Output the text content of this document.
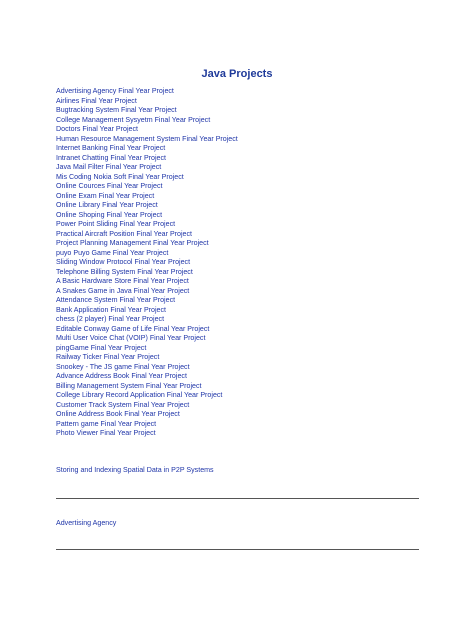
Java Projects
Advertising Agency Final Year Project
Airlines Final Year Project
Bugtracking System Final Year Project
College Management Sysyetm Final Year Project
Doctors Final Year Project
Human Resource Management System Final Year Project
Internet Banking Final Year Project
Intranet Chatting Final Year Project
Java Mail Filter Final Year Project
Mis Coding Nokia Soft Final Year Project
Online Cources Final Year Project
Online Exam Final Year Project
Online Library Final Year Project
Online Shoping Final Year Project
Power Point Sliding Final Year Project
Practical Aircraft Position Final Year Project
Project Planning Management Final Year Project
puyo Puyo Game Final Year Project
Sliding Window Protocol Final Year Project
Telephone Billing System Final Year Project
A Basic Hardware Store Final Year Project
A Snakes Game in Java Final Year Project
Attendance System Final Year Project
Bank Application Final Year Project
chess (2 player) Final Year Project
Editable Conway Game of Life Final Year Project
Multi User Voice Chat (VOIP) Final Year Project
pingGame Final Year Project
Railway Ticker Final Year Project
Snookey - The JS game Final Year Project
Advance Address Book Final Year Project
Billing Management System Final Year Project
College Library Record Application Final Year Project
Customer Track System Final Year Project
Online Address Book Final Year Project
Pattern game Final Year Project
Photo Viewer Final Year Project
Storing and Indexing Spatial Data in P2P Systems
Advertising Agency
